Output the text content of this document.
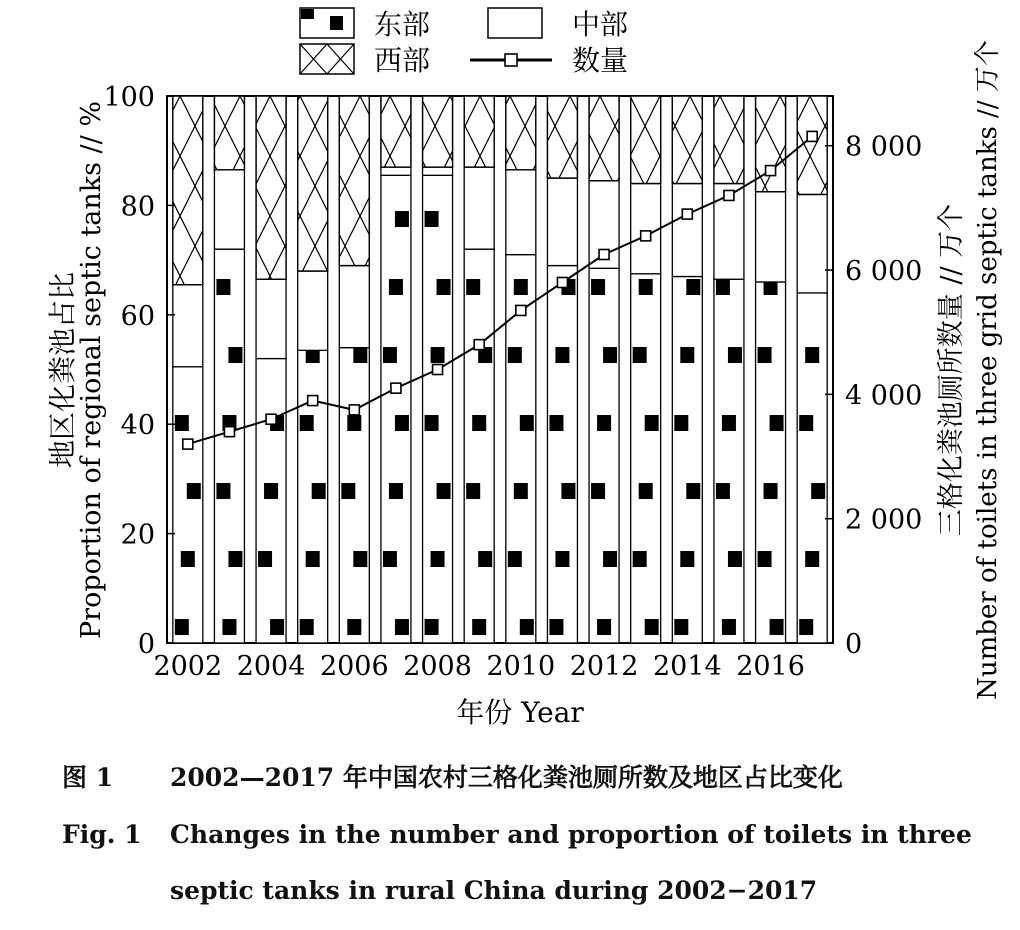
0
20
40
60
80
100
0
2 000
4 000
6 000
8 000
2002 2004 2006 2008 2010 2012 2014 2016
年份 Year
地区化粪池占比
Proportion of regional septic tanks // %	三格化粪池厕所数量 // 万个 Number of toilets in three grid septic tanks // 万个
东部	中部
西部	数量
图 1 2002—2017 年中国农村三格化粪池厕所数及地区占比变化
Fig. 1 Changes in the number and proportion of toilets in three
septic tanks in rural China during 2002−2017
